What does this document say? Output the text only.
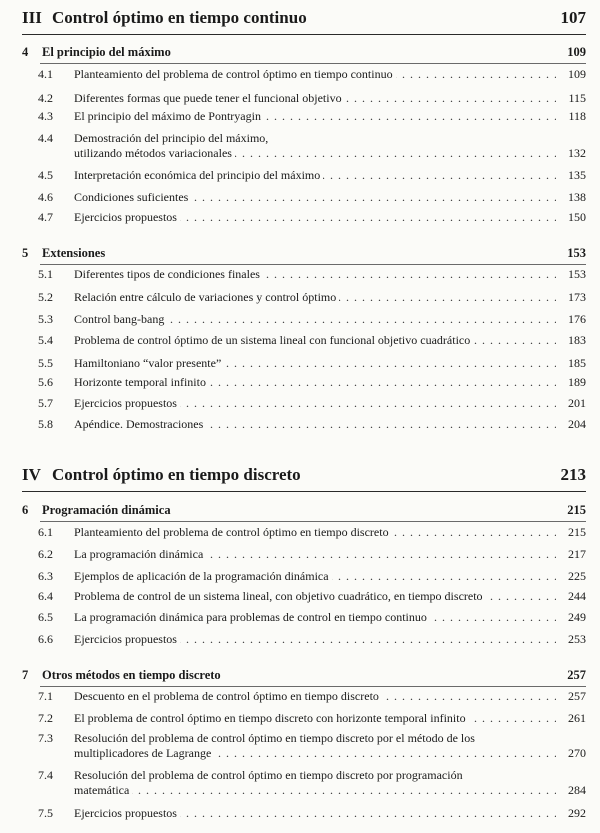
III Control óptimo en tiempo continuo	107
4	El principio del máximo	109
4.1	Planteamiento del problema de control óptimo en tiempo continuo . . .	109
4.2	Diferentes formas que puede tener el funcional objetivo . . .	115
4.3	El principio del máximo de Pontryagin . . .	118
4.4	Demostración del principio del máximo,
utilizando métodos variacionales . . .	132
4.5	Interpretación económica del principio del máximo . . .	135
4.6	Condiciones suficientes . . .	138
4.7	Ejercicios propuestos . . .	150
5	Extensiones	153
5.1	Diferentes tipos de condiciones finales . . .	153
5.2	Relación entre cálculo de variaciones y control óptimo . . .	173
5.3	Control bang-bang . . .	176
5.4	Problema de control óptimo de un sistema lineal con funcional objetivo cuadrático . . .	183
5.5	Hamiltoniano “valor presente” . . .	185
5.6	Horizonte temporal infinito . . .	189
5.7	Ejercicios propuestos . . .	201
5.8	Apéndice. Demostraciones . . .	204
IV Control óptimo en tiempo discreto	213
6	Programación dinámica	215
6.1	Planteamiento del problema de control óptimo en tiempo discreto . . .	215
6.2	La programación dinámica . . .	217
6.3	Ejemplos de aplicación de la programación dinámica . . .	225
6.4	Problema de control de un sistema lineal, con objetivo cuadrático, en tiempo discreto . . .	244
6.5	La programación dinámica para problemas de control en tiempo continuo . . .	249
6.6	Ejercicios propuestos . . .	253
7	Otros métodos en tiempo discreto	257
7.1	Descuento en el problema de control óptimo en tiempo discreto . . .	257
7.2	El problema de control óptimo en tiempo discreto con horizonte temporal infinito . . .	261
7.3	Resolución del problema de control óptimo en tiempo discreto por el método de los
multiplicadores de Lagrange . . .	270
7.4	Resolución del problema de control óptimo en tiempo discreto por programación
matemática . . .	284
7.5	Ejercicios propuestos . . .	292
